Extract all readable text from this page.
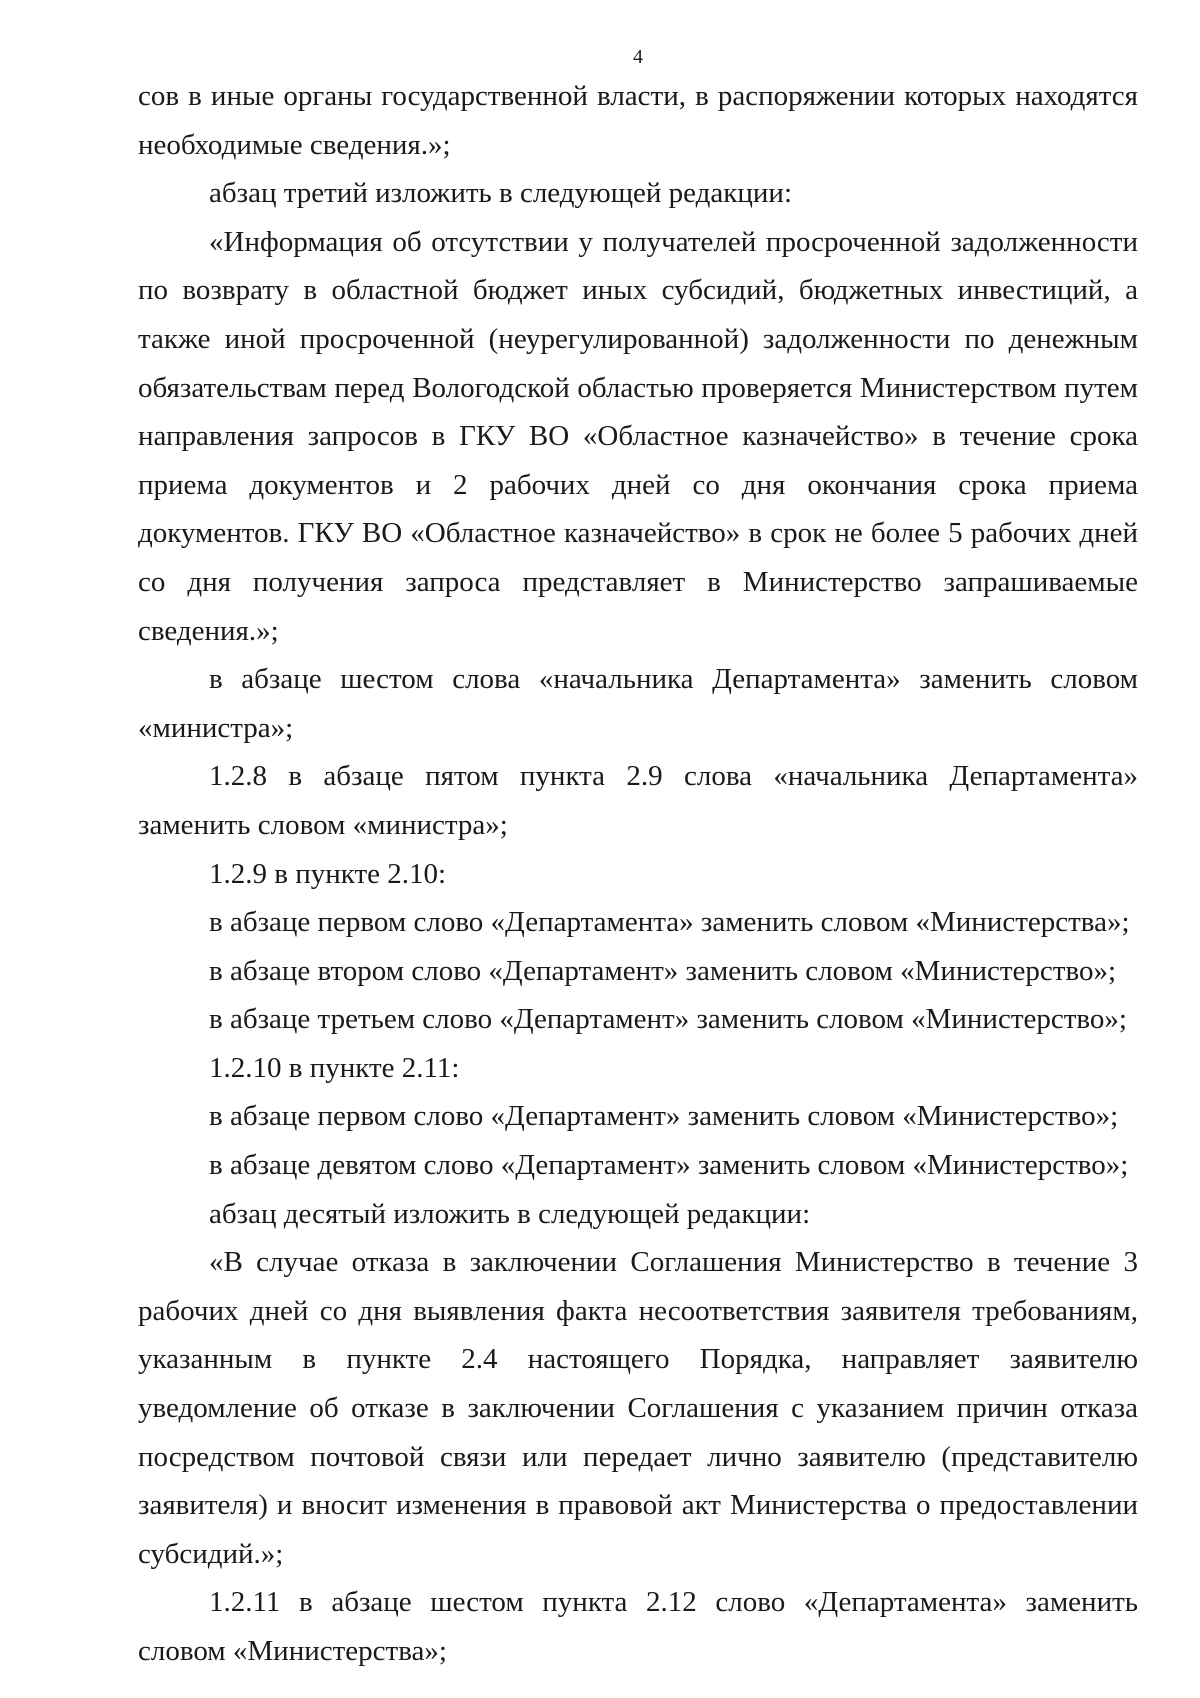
4

сов в иные органы государственной власти, в распоряжении которых находятся необходимые сведения.»;

абзац третий изложить в следующей редакции:

«Информация об отсутствии у получателей просроченной задолженности по возврату в областной бюджет иных субсидий, бюджетных инвестиций, а также иной просроченной (неурегулированной) задолженности по денежным обязательствам перед Вологодской областью проверяется Министерством путем направления запросов в ГКУ ВО «Областное казначейство» в течение срока приема документов и 2 рабочих дней со дня окончания срока приема документов. ГКУ ВО «Областное казначейство» в срок не более 5 рабочих дней со дня получения запроса представляет в Министерство запрашиваемые сведения.»;

в абзаце шестом слова «начальника Департамента» заменить словом «министра»;

1.2.8 в абзаце пятом пункта 2.9 слова «начальника Департамента» заменить словом «министра»;

1.2.9 в пункте 2.10:

в абзаце первом слово «Департамента» заменить словом «Министерства»;

в абзаце втором слово «Департамент» заменить словом «Министерство»;

в абзаце третьем слово «Департамент» заменить словом «Министерство»;

1.2.10 в пункте 2.11:

в абзаце первом слово «Департамент» заменить словом «Министерство»;

в абзаце девятом слово «Департамент» заменить словом «Министерство»;

абзац десятый изложить в следующей редакции:

«В случае отказа в заключении Соглашения Министерство в течение 3 рабочих дней со дня выявления факта несоответствия заявителя требованиям, указанным в пункте 2.4 настоящего Порядка, направляет заявителю уведомление об отказе в заключении Соглашения с указанием причин отказа посредством почтовой связи или передает лично заявителю (представителю заявителя) и вносит изменения в правовой акт Министерства о предоставлении субсидий.»;

1.2.11 в абзаце шестом пункта 2.12 слово «Департамента» заменить словом «Министерства»;
